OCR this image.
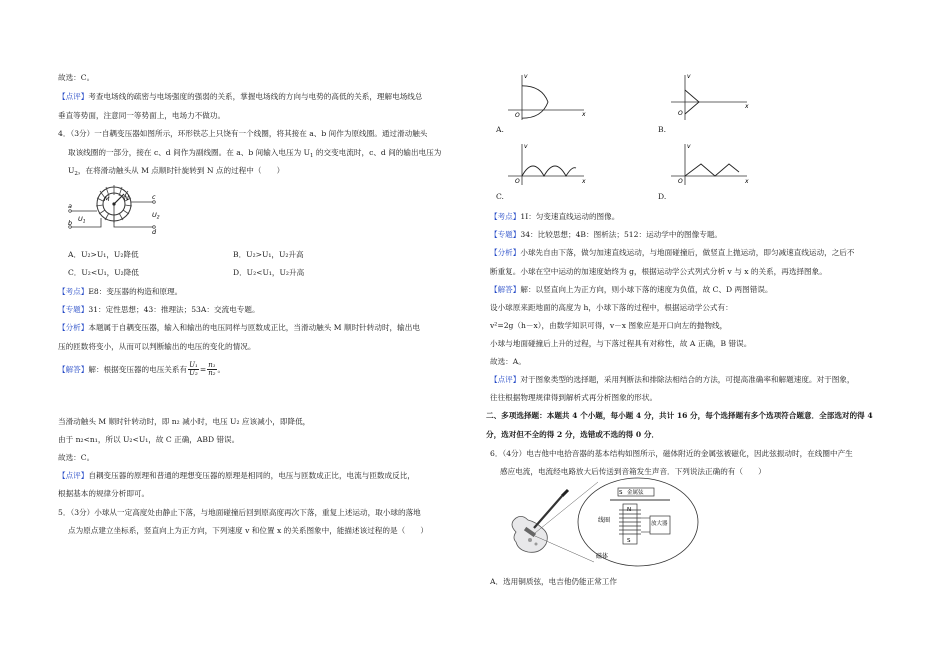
故选：C。
【点评】考查电场线的疏密与电场强度的强弱的关系，掌握电场线的方向与电势的高低的关系，理解电场线总
垂直等势面，注意同一等势面上，电场力不做功。
4．（3分）一自耦变压器如图所示，环形铁芯上只饶有一个线圈，将其接在 a、b 间作为原线圈。通过滑动触头
取该线圈的一部分，接在 c、d 间作为副线圈。在 a、b 间输入电压为 $U_1$ 的交变电流时，c、d 间的输出电压为
$U_2$，在将滑动触头从 M 点顺时针旋转到 N 点的过程中（　　）
a
b
c
d
M N
$U_1$
$U_2$
A．U₂>U₁，U₂降低	B．U₂>U₁，U₂升高
C．U₂<U₁，U₂降低	D．U₂<U₁，U₂升高
【考点】E8：变压器的构造和原理。
【专题】31：定性思想；43：推理法；53A：交流电专题。
【分析】本题属于自耦变压器，输入和输出的电压同样与匝数成正比，当滑动触头 M 顺时针转动时，输出电
压的匝数将变小，从而可以判断输出的电压的变化的情况。
【解答】解：根据变压器的电压关系有 $\frac{\text{U₁}}{\text{U₂}} = \frac{\text{n₁}}{\text{n₂}}$ 。
当滑动触头 M 顺时针转动时，即 n₂ 减小时，电压 U₂ 应该减小，即降低，
由于 n₂<n₁，所以 U₂<U₁，故 C 正确，ABD 错误。
故选：C。
【点评】自耦变压器的原理和普通的理想变压器的原理是相同的，电压与匝数成正比，电流与匝数成反比，
根据基本的规律分析即可。
5．（3分）小球从一定高度处由静止下落，与地面碰撞后回到原高度再次下落，重复上述运动，取小球的落地
点为原点建立坐标系，竖直向上为正方向，下列速度 v 和位置 x 的关系图象中，能描述该过程的是（　　）
v
x
O
A.
v
x
O
B.
v
x
O
C.
v
x
O
D.
【考点】1I：匀变速直线运动的图像。
【专题】34：比较思想；4B：图析法；512：运动学中的图像专题。
【分析】小球先自由下落，做匀加速直线运动，与地面碰撞后，做竖直上抛运动，即匀减速直线运动，之后不
断重复。小球在空中运动的加速度始终为 g，根据运动学公式列式分析 v 与 x 的关系，再选择图象。
【解答】解：以竖直向上为正方向，则小球下落的速度为负值，故 C、D 两图错误。
设小球原来距地面的高度为 h，小球下落的过程中，根据运动学公式有：
v²=2g（h－x），由数学知识可得，v－x 图象应是开口向左的抛物线，
小球与地面碰撞后上升的过程，与下落过程具有对称性，故 A 正确，B 错误。
故选：A。
【点评】对于图象类型的选择题，采用判断法和排除法相结合的方法，可提高准确率和解题速度。对于图象，
往往根据物理规律得到解析式再分析图象的形状。
二、多项选择题：本题共 4 个小题，每小题 4 分，共计 16 分，每个选择题有多个选项符合题意．全部选对的得 4
分，选对但不全的得 2 分，选错或不选的得 0 分．
6．（4分）电吉他中电拾音器的基本结构如图所示，磁体附近的金属弦被磁化，因此弦振动时，在线圈中产生
感应电流，电流经电路放大后传送到音箱发生声音．下列说法正确的有（　　）
S 金属弦
线圈
N
S
放大器
磁体
A．选用铜质弦，电吉他仍能正常工作
